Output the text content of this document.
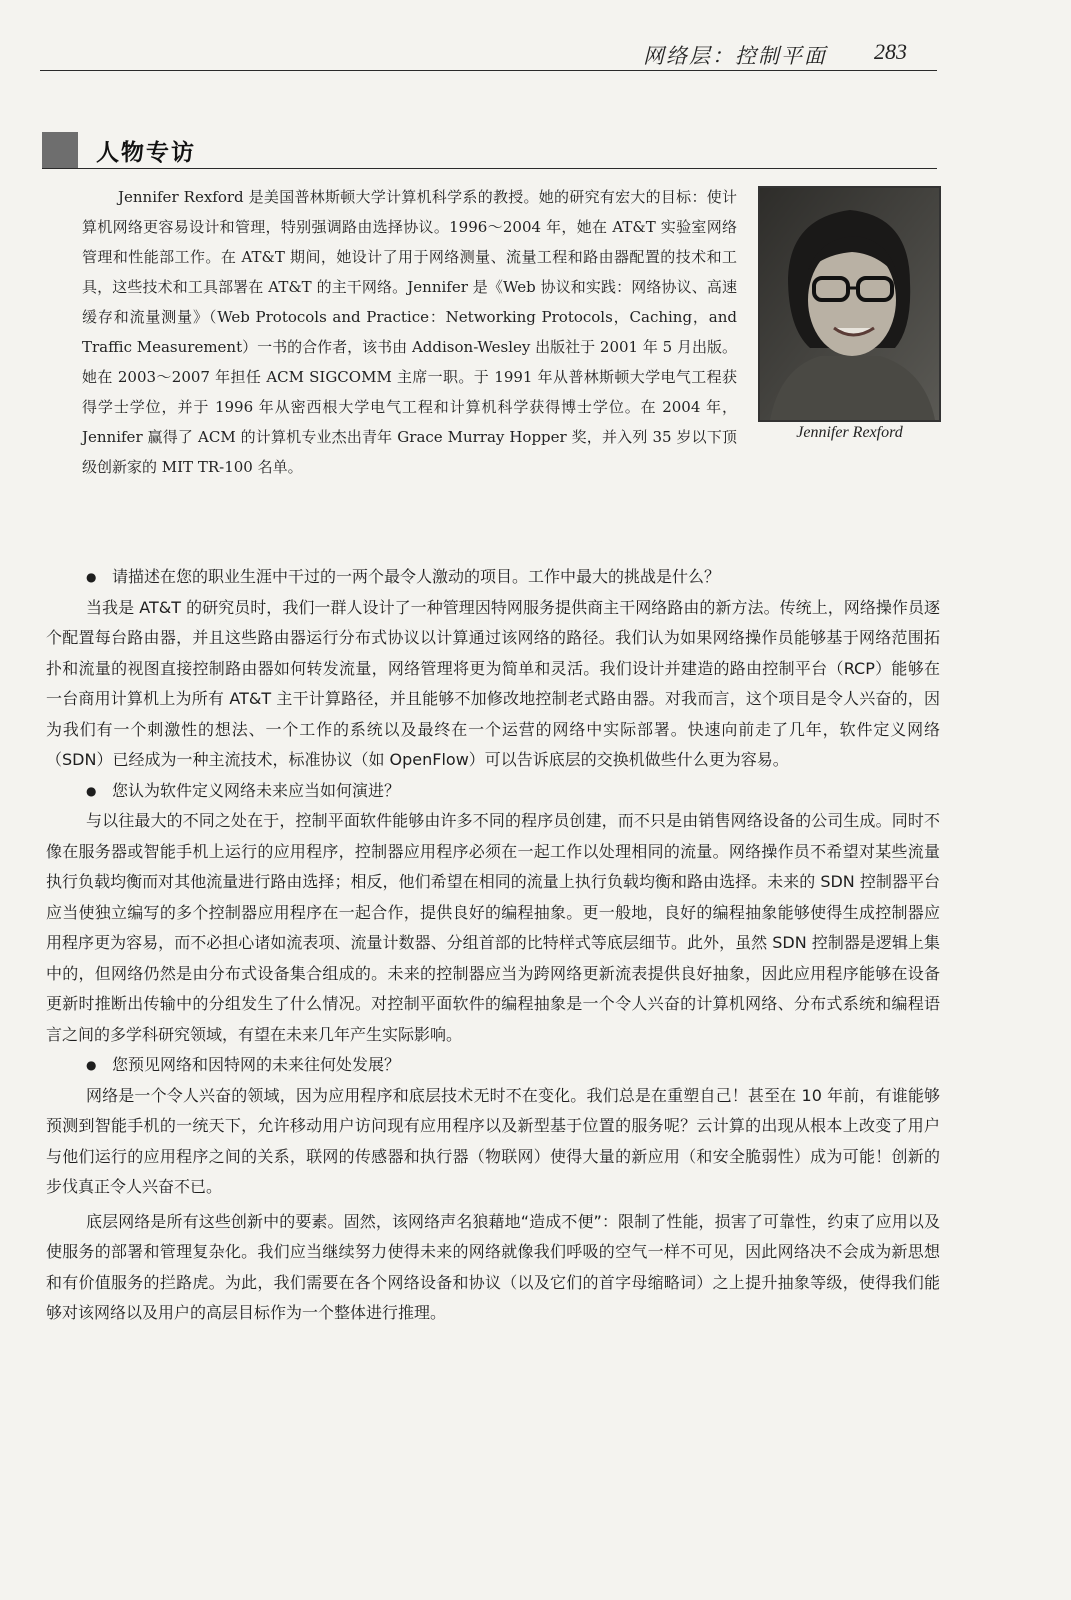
网络层：控制平面 283
人物专访
Jennifer Rexford 是美国普林斯顿大学计算机科学系的教授。她的研究有宏大的目标：使计算机网络更容易设计和管理，特别强调路由选择协议。1996～2004 年，她在 AT&T 实验室网络管理和性能部工作。在 AT&T 期间，她设计了用于网络测量、流量工程和路由器配置的技术和工具，这些技术和工具部署在 AT&T 的主干网络。Jennifer 是《Web 协议和实践：网络协议、高速缓存和流量测量》（Web Protocols and Practice：Networking Protocols，Caching，and Traffic Measurement）一书的合作者，该书由 Addison-Wesley 出版社于 2001 年 5 月出版。她在 2003～2007 年担任 ACM SIGCOMM 主席一职。于 1991 年从普林斯顿大学电气工程获得学士学位，并于 1996 年从密西根大学电气工程和计算机科学获得博士学位。在 2004 年，Jennifer 赢得了 ACM 的计算机专业杰出青年 Grace Murray Hopper 奖，并入列 35 岁以下顶级创新家的 MIT TR-100 名单。
Jennifer Rexford

● 请描述在您的职业生涯中干过的一两个最令人激动的项目。工作中最大的挑战是什么？

当我是 AT&T 的研究员时，我们一群人设计了一种管理因特网服务提供商主干网络路由的新方法。传统上，网络操作员逐个配置每台路由器，并且这些路由器运行分布式协议以计算通过该网络的路径。我们认为如果网络操作员能够基于网络范围拓扑和流量的视图直接控制路由器如何转发流量，网络管理将更为简单和灵活。我们设计并建造的路由控制平台（RCP）能够在一台商用计算机上为所有 AT&T 主干计算路径，并且能够不加修改地控制老式路由器。对我而言，这个项目是令人兴奋的，因为我们有一个刺激性的想法、一个工作的系统以及最终在一个运营的网络中实际部署。快速向前走了几年，软件定义网络（SDN）已经成为一种主流技术，标准协议（如 OpenFlow）可以告诉底层的交换机做些什么更为容易。

● 您认为软件定义网络未来应当如何演进？

与以往最大的不同之处在于，控制平面软件能够由许多不同的程序员创建，而不只是由销售网络设备的公司生成。同时不像在服务器或智能手机上运行的应用程序，控制器应用程序必须在一起工作以处理相同的流量。网络操作员不希望对某些流量执行负载均衡而对其他流量进行路由选择；相反，他们希望在相同的流量上执行负载均衡和路由选择。未来的 SDN 控制器平台应当使独立编写的多个控制器应用程序在一起合作，提供良好的编程抽象。更一般地，良好的编程抽象能够使得生成控制器应用程序更为容易，而不必担心诸如流表项、流量计数器、分组首部的比特样式等底层细节。此外，虽然 SDN 控制器是逻辑上集中的，但网络仍然是由分布式设备集合组成的。未来的控制器应当为跨网络更新流表提供良好抽象，因此应用程序能够在设备更新时推断出传输中的分组发生了什么情况。对控制平面软件的编程抽象是一个令人兴奋的计算机网络、分布式系统和编程语言之间的多学科研究领域，有望在未来几年产生实际影响。

● 您预见网络和因特网的未来往何处发展？

网络是一个令人兴奋的领域，因为应用程序和底层技术无时不在变化。我们总是在重塑自己！甚至在 10 年前，有谁能够预测到智能手机的一统天下，允许移动用户访问现有应用程序以及新型基于位置的服务呢？云计算的出现从根本上改变了用户与他们运行的应用程序之间的关系，联网的传感器和执行器（物联网）使得大量的新应用（和安全脆弱性）成为可能！创新的步伐真正令人兴奋不已。

底层网络是所有这些创新中的要素。固然，该网络声名狼藉地“造成不便”：限制了性能，损害了可靠性，约束了应用以及使服务的部署和管理复杂化。我们应当继续努力使得未来的网络就像我们呼吸的空气一样不可见，因此网络决不会成为新思想和有价值服务的拦路虎。为此，我们需要在各个网络设备和协议（以及它们的首字母缩略词）之上提升抽象等级，使得我们能够对该网络以及用户的高层目标作为一个整体进行推理。
